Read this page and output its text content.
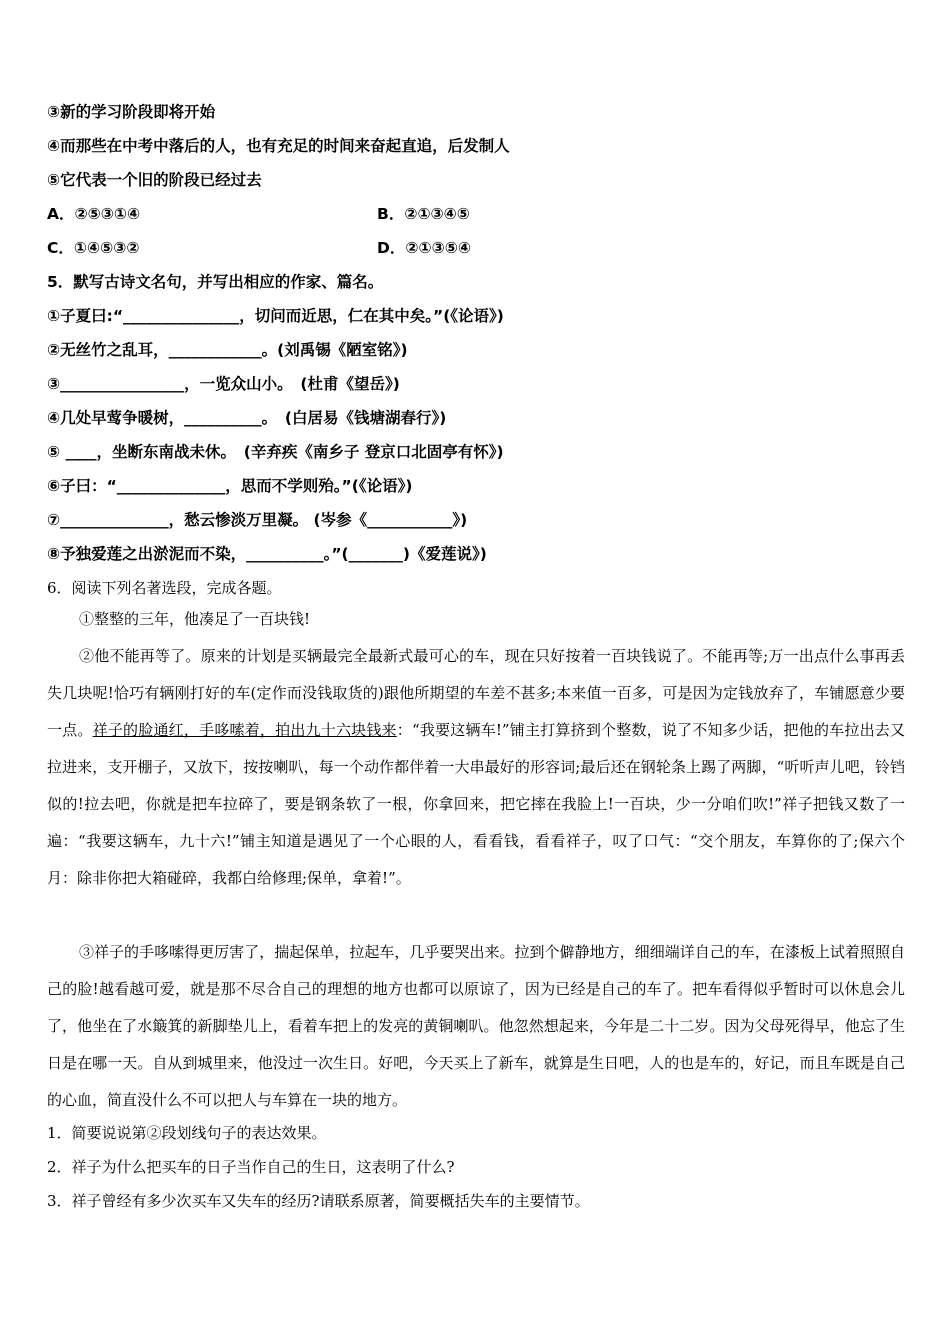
③新的学习阶段即将开始
④而那些在中考中落后的人，也有充足的时间来奋起直追，后发制人
⑤它代表一个旧的阶段已经过去
A．②⑤③①④	B．②①③④⑤
C．①④⑤③②	D．②①③⑤④
5．默写古诗文名句，并写出相应的作家、篇名。
①子夏曰:“_______________，切问而近思，仁在其中矣。”(《论语》)
②无丝竹之乱耳，____________。(刘禹锡《陋室铭》)
③________________，一览众山小。　(杜甫《望岳》)
④几处早莺争暖树，__________。　(白居易《钱塘湖春行》)
⑤ ____，坐断东南战未休。　(辛弃疾《南乡子 登京口北固亭有怀》)
⑥子曰：“______________，思而不学则殆。”(《论语》)
⑦______________，愁云惨淡万里凝。 (岑参《___________》)
⑧予独爱莲之出淤泥而不染，__________。”(_______)《爱莲说》)
6．阅读下列名著选段，完成各题。
①整整的三年，他凑足了一百块钱!
②他不能再等了。原来的计划是买辆最完全最新式最可心的车，现在只好按着一百块钱说了。不能再等;万一出点什么事再丢失几块呢!恰巧有辆刚打好的车(定作而没钱取货的)跟他所期望的车差不甚多;本来值一百多，可是因为定钱放弃了，车铺愿意少要一点。祥子的脸通红，手哆嗦着，拍出九十六块钱来：“我要这辆车!”铺主打算挤到个整数，说了不知多少话，把他的车拉出去又拉进来，支开棚子，又放下，按按喇叭，每一个动作都伴着一大串最好的形容词;最后还在钢轮条上踢了两脚，“听听声儿吧，铃铛似的!拉去吧，你就是把车拉碎了，要是钢条软了一根，你拿回来，把它摔在我脸上!一百块，少一分咱们吹!”祥子把钱又数了一遍：“我要这辆车，九十六!”铺主知道是遇见了一个心眼的人，看看钱，看看祥子，叹了口气：“交个朋友，车算你的了;保六个月：除非你把大箱碰碎，我都白给修理;保单，拿着!”。
③祥子的手哆嗦得更厉害了，揣起保单，拉起车，几乎要哭出来。拉到个僻静地方，细细端详自己的车，在漆板上试着照照自己的脸!越看越可爱，就是那不尽合自己的理想的地方也都可以原谅了，因为已经是自己的车了。把车看得似乎暂时可以休息会儿了，他坐在了水簸箕的新脚垫儿上，看着车把上的发亮的黄铜喇叭。他忽然想起来，今年是二十二岁。因为父母死得早，他忘了生日是在哪一天。自从到城里来，他没过一次生日。好吧，今天买上了新车，就算是生日吧，人的也是车的，好记，而且车既是自己的心血，简直没什么不可以把人与车算在一块的地方。
1．简要说说第②段划线句子的表达效果。
2．祥子为什么把买车的日子当作自己的生日，这表明了什么?
3．祥子曾经有多少次买车又失车的经历?请联系原著，简要概括失车的主要情节。
